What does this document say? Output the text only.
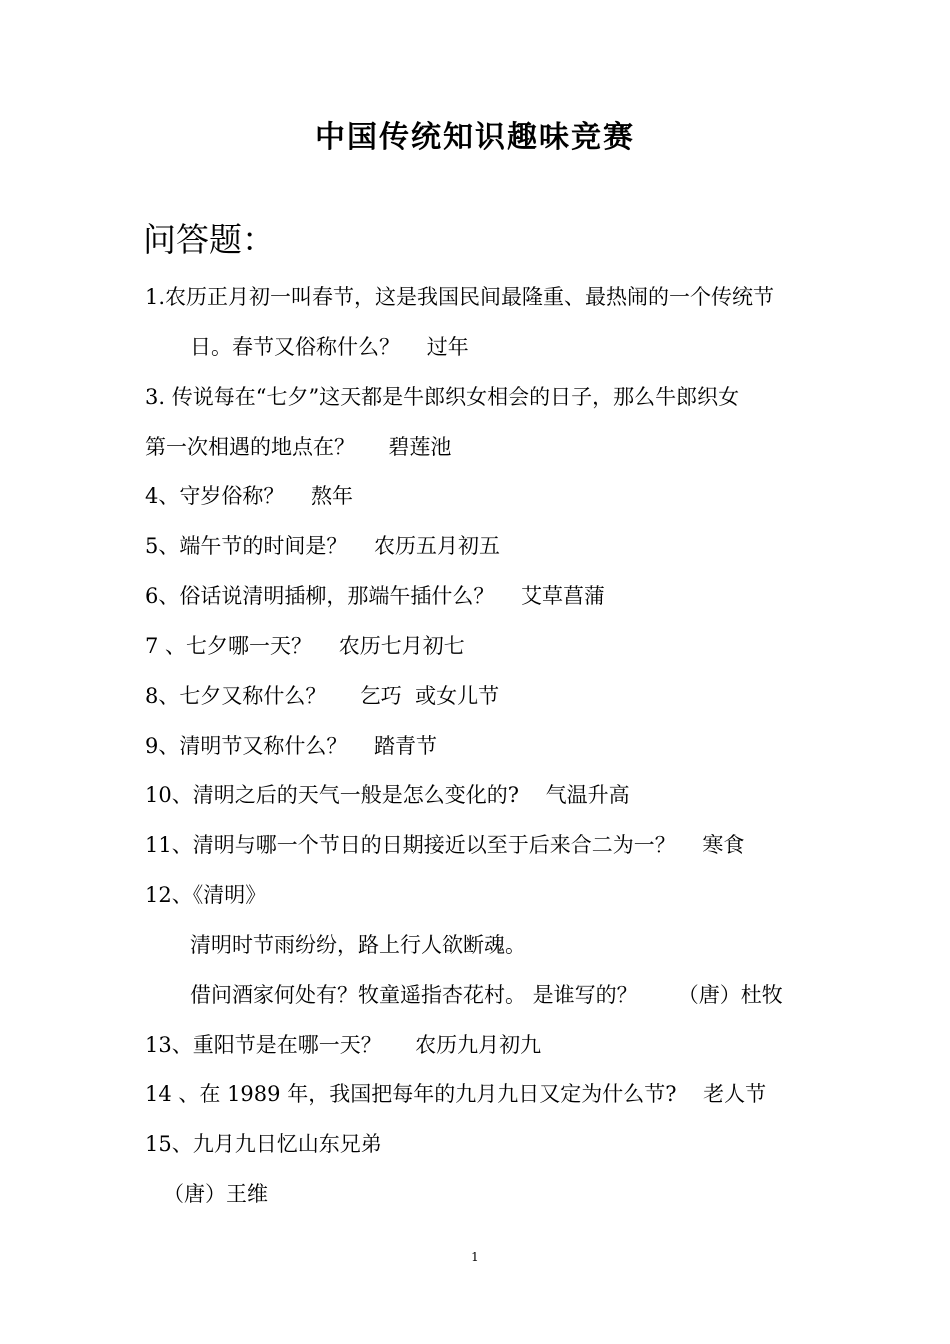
中国传统知识趣味竞赛
问答题：
1.农历正月初一叫春节，这是我国民间最隆重、最热闹的一个传统节
日。春节又俗称什么？    过年
3. 传说每在“七夕”这天都是牛郎织女相会的日子，那么牛郎织女
第一次相遇的地点在？     碧莲池
4、守岁俗称？    熬年
5、端午节的时间是？    农历五月初五
6、俗话说清明插柳，那端午插什么？    艾草菖蒲
7 、七夕哪一天？    农历七月初七
8、七夕又称什么？     乞巧  或女儿节
9、清明节又称什么？    踏青节
10、清明之后的天气一般是怎么变化的?    气温升高
11、清明与哪一个节日的日期接近以至于后来合二为一？    寒食
12、《清明》
清明时节雨纷纷，路上行人欲断魂。
借问酒家何处有？牧童遥指杏花村。 是谁写的？      （唐）杜牧
13、重阳节是在哪一天？     农历九月初九
14 、在 1989 年，我国把每年的九月九日又定为什么节?    老人节
15、九月九日忆山东兄弟
（唐）王维
1
